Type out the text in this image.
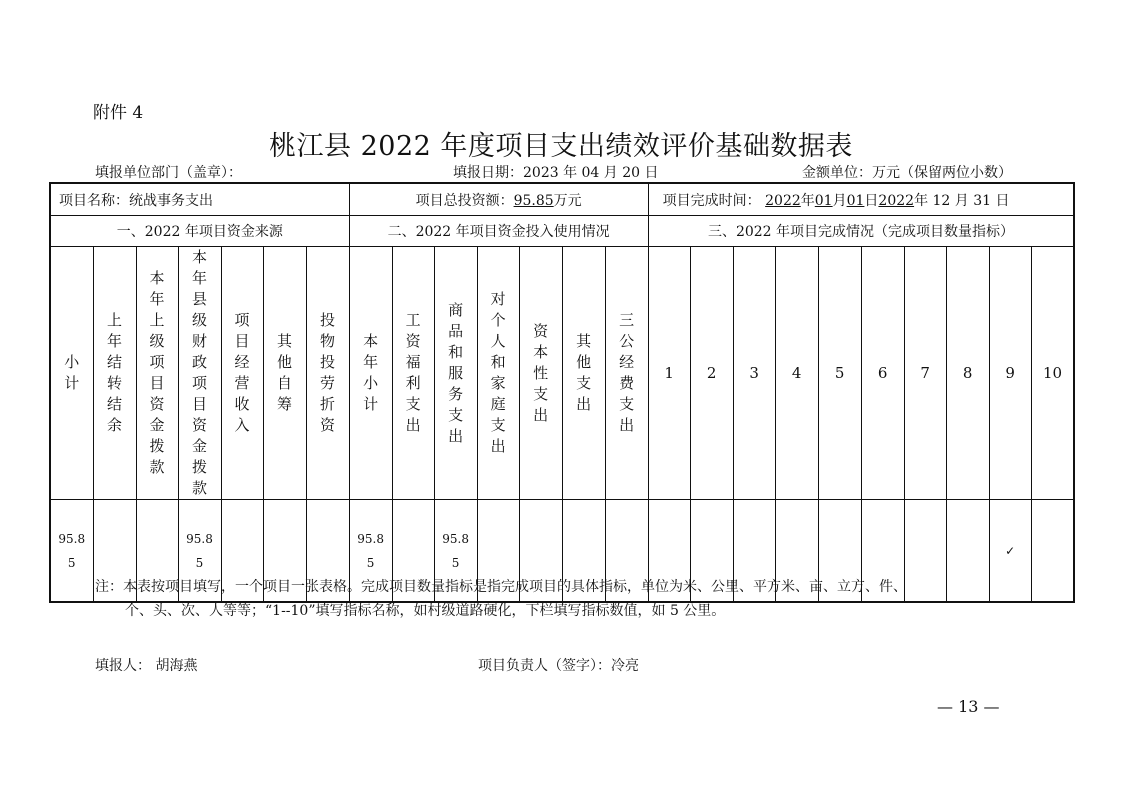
附件 4
桃江县 2022 年度项目支出绩效评价基础数据表
填报单位部门（盖章）：	填报日期：2023 年 04 月 20 日	金额单位：万元（保留两位小数）
项目名称：统战事务支出							项目总投资额：95.85万元							项目完成时间： 2022年01月01日2022年 12 月 31 日									
一、2022 年项目资金来源							二、2022 年项目资金投入使用情况							三、2022 年项目完成情况（完成项目数量指标）									
小计	上年结转结余	本年上级项目资金拨款	本年县级财政项目资金拨款	项目经营收入	其他自筹	投物投劳折资	本年小计	工资福利支出	商品和服务支出	对个人和家庭支出	资本性支出	其他支出	三公经费支出	1	2	3	4	5	6	7	8	9	10
95.85			95.85				95.85		95.85													✓	
注：本表按项目填写，一个项目一张表格。完成项目数量指标是指完成项目的具体指标，单位为米、公里、平方米、亩、立方、件、
个、头、次、人等等；“1--10”填写指标名称，如村级道路硬化，下栏填写指标数值，如 5 公里。
填报人： 胡海燕	项目负责人（签字）：冷亮
— 13 —
